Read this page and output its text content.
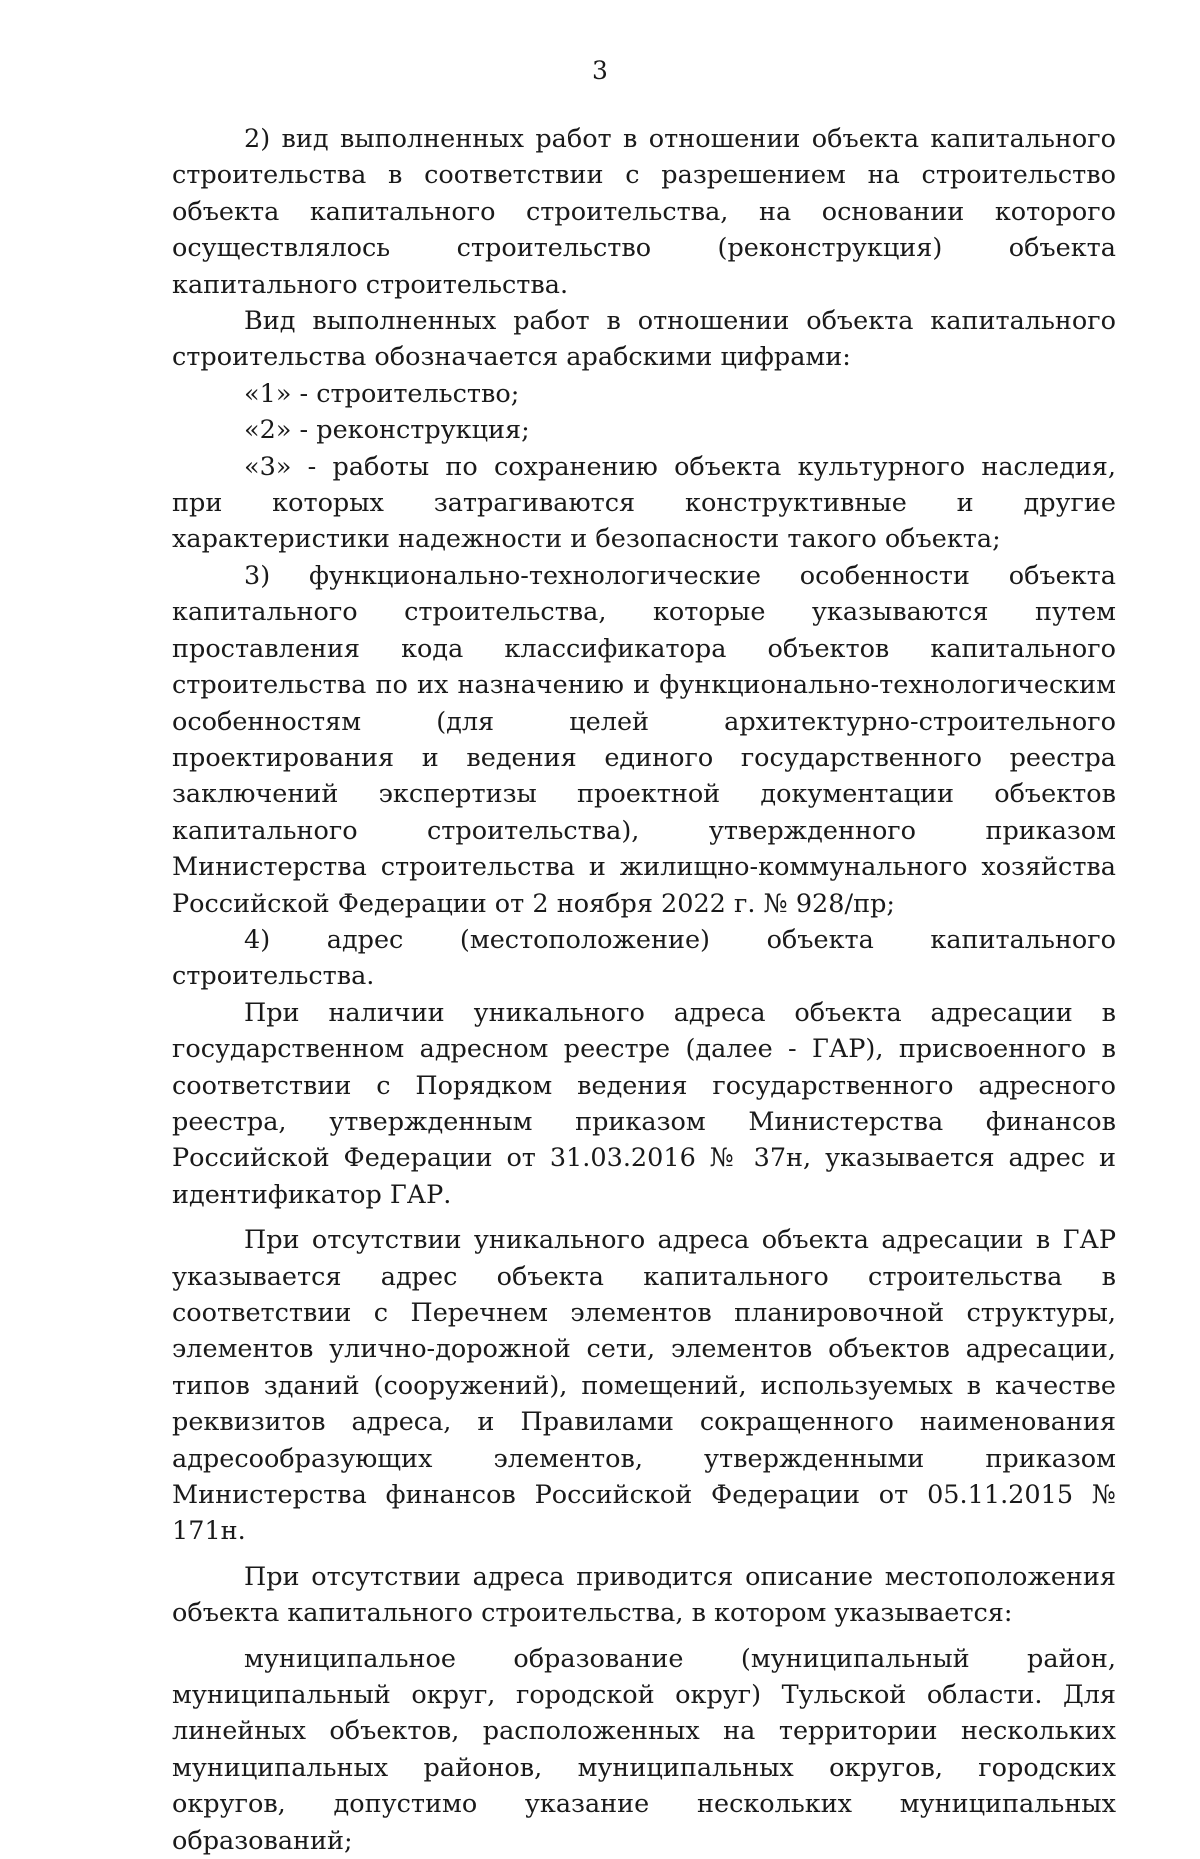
3

2) вид выполненных работ в отношении объекта капитального строительства в соответствии с разрешением на строительство объекта капитального строительства, на основании которого осуществлялось строительство (реконструкция) объекта капитального строительства.

Вид выполненных работ в отношении объекта капитального строительства обозначается арабскими цифрами:

«1» - строительство;

«2» - реконструкция;

«3» - работы по сохранению объекта культурного наследия, при которых затрагиваются конструктивные и другие характеристики надежности и безопасности такого объекта;

3) функционально-технологические особенности объекта капитального строительства, которые указываются путем проставления кода классификатора объектов капитального строительства по их назначению и функционально-технологическим особенностям (для целей архитектурно-строительного проектирования и ведения единого государственного реестра заключений экспертизы проектной документации объектов капитального строительства), утвержденного приказом Министерства строительства и жилищно-коммунального хозяйства Российской Федерации от 2 ноября 2022 г. № 928/пр;

4) адрес (местоположение) объекта капитального строительства.

При наличии уникального адреса объекта адресации в государственном адресном реестре (далее - ГАР), присвоенного в соответствии с Порядком ведения государственного адресного реестра, утвержденным приказом Министерства финансов Российской Федерации от 31.03.2016 № 37н, указывается адрес и идентификатор ГАР.

При отсутствии уникального адреса объекта адресации в ГАР указывается адрес объекта капитального строительства в соответствии с Перечнем элементов планировочной структуры, элементов улично-дорожной сети, элементов объектов адресации, типов зданий (сооружений), помещений, используемых в качестве реквизитов адреса, и Правилами сокращенного наименования адресообразующих элементов, утвержденными приказом Министерства финансов Российской Федерации от 05.11.2015 № 171н.

При отсутствии адреса приводится описание местоположения объекта капитального строительства, в котором указывается:

муниципальное образование (муниципальный район, муниципальный округ, городской округ) Тульской области. Для линейных объектов, расположенных на территории нескольких муниципальных районов, муниципальных округов, городских округов, допустимо указание нескольких муниципальных образований;
